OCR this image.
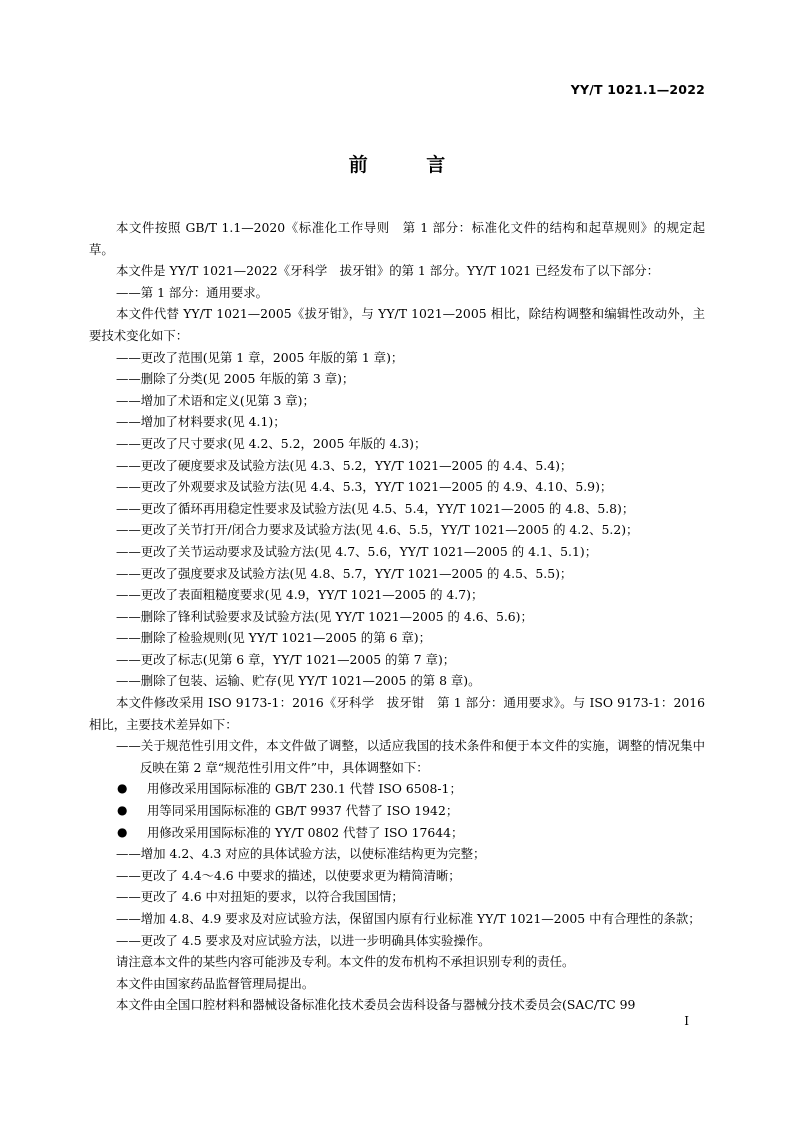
YY/T 1021.1—2022
前 言

本文件按照 GB/T 1.1—2020《标准化工作导则　第 1 部分：标准化文件的结构和起草规则》的规定起草。

本文件是 YY/T 1021—2022《牙科学　拔牙钳》的第 1 部分。YY/T 1021 已经发布了以下部分：

——第 1 部分：通用要求。

本文件代替 YY/T 1021—2005《拔牙钳》，与 YY/T 1021—2005 相比，除结构调整和编辑性改动外，主要技术变化如下：

——更改了范围(见第 1 章，2005 年版的第 1 章)；

——删除了分类(见 2005 年版的第 3 章)；

——增加了术语和定义(见第 3 章)；

——增加了材料要求(见 4.1)；

——更改了尺寸要求(见 4.2、5.2，2005 年版的 4.3)；

——更改了硬度要求及试验方法(见 4.3、5.2，YY/T 1021—2005 的 4.4、5.4)；

——更改了外观要求及试验方法(见 4.4、5.3，YY/T 1021—2005 的 4.9、4.10、5.9)；

——更改了循环再用稳定性要求及试验方法(见 4.5、5.4，YY/T 1021—2005 的 4.8、5.8)；

——更改了关节打开/闭合力要求及试验方法(见 4.6、5.5，YY/T 1021—2005 的 4.2、5.2)；

——更改了关节运动要求及试验方法(见 4.7、5.6，YY/T 1021—2005 的 4.1、5.1)；

——更改了强度要求及试验方法(见 4.8、5.7，YY/T 1021—2005 的 4.5、5.5)；

——更改了表面粗糙度要求(见 4.9，YY/T 1021—2005 的 4.7)；

——删除了锋利试验要求及试验方法(见 YY/T 1021—2005 的 4.6、5.6)；

——删除了检验规则(见 YY/T 1021—2005 的第 6 章)；

——更改了标志(见第 6 章，YY/T 1021—2005 的第 7 章)；

——删除了包装、运输、贮存(见 YY/T 1021—2005 的第 8 章)。

本文件修改采用 ISO 9173-1：2016《牙科学　拔牙钳　第 1 部分：通用要求》。与 ISO 9173-1：2016 相比，主要技术差异如下：

——关于规范性引用文件，本文件做了调整，以适应我国的技术条件和便于本文件的实施，调整的情况集中反映在第 2 章“规范性引用文件”中，具体调整如下：

● 用修改采用国际标准的 GB/T 230.1 代替 ISO 6508-1；

● 用等同采用国际标准的 GB/T 9937 代替了 ISO 1942；

● 用修改采用国际标准的 YY/T 0802 代替了 ISO 17644；

——增加 4.2、4.3 对应的具体试验方法，以使标准结构更为完整；

——更改了 4.4～4.6 中要求的描述，以使要求更为精简清晰；

——更改了 4.6 中对扭矩的要求，以符合我国国情；

——增加 4.8、4.9 要求及对应试验方法，保留国内原有行业标准 YY/T 1021—2005 中有合理性的条款；

——更改了 4.5 要求及对应试验方法，以进一步明确具体实验操作。

请注意本文件的某些内容可能涉及专利。本文件的发布机构不承担识别专利的责任。

本文件由国家药品监督管理局提出。

本文件由全国口腔材料和器械设备标准化技术委员会齿科设备与器械分技术委员会(SAC/TC 99

I
